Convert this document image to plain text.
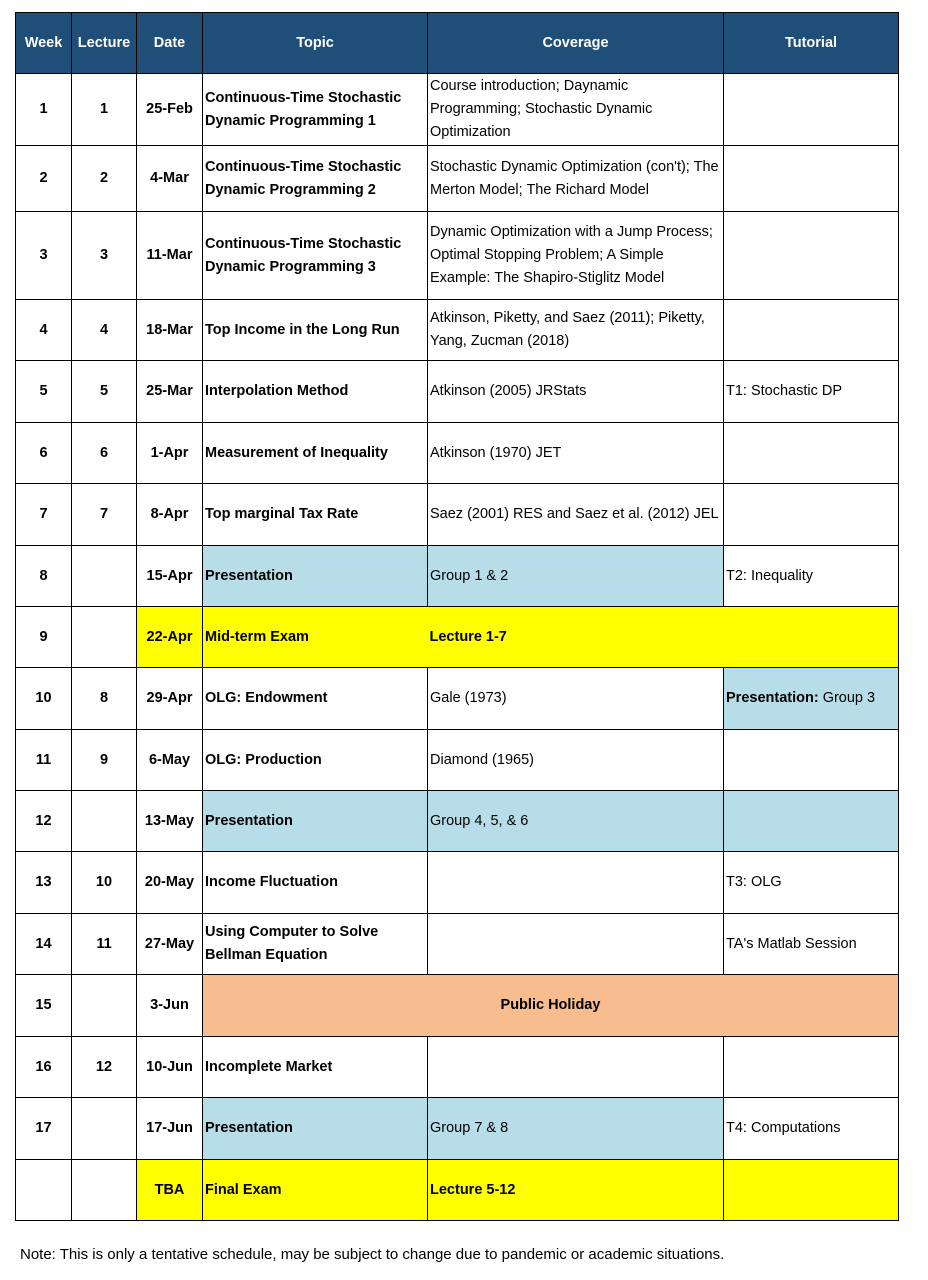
Week	Lecture	Date	Topic	Coverage	Tutorial
1	1	25-Feb	Continuous-Time Stochastic Dynamic Programming 1	Course introduction; Daynamic Programming; Stochastic Dynamic Optimization	
2	2	4-Mar	Continuous-Time Stochastic Dynamic Programming 2	Stochastic Dynamic Optimization (con't); The Merton Model; The Richard Model	
3	3	11-Mar	Continuous-Time Stochastic Dynamic Programming 3	Dynamic Optimization with a Jump Process; Optimal Stopping Problem; A Simple Example: The Shapiro-Stiglitz Model	
4	4	18-Mar	Top Income in the Long Run	Atkinson, Piketty, and Saez (2011); Piketty, Yang, Zucman (2018)	
5	5	25-Mar	Interpolation Method	Atkinson (2005) JRStats	T1: Stochastic DP
6	6	1-Apr	Measurement of Inequality	Atkinson (1970) JET	
7	7	8-Apr	Top marginal Tax Rate	Saez (2001) RES and Saez et al. (2012) JEL	
8		15-Apr	Presentation	Group 1 & 2	T2: Inequality
9		22-Apr	Mid-term Exam	Lecture 1-7	
10	8	29-Apr	OLG: Endowment	Gale (1973)	Presentation: Group 3
11	9	6-May	OLG: Production	Diamond (1965)	
12		13-May	Presentation	Group 4, 5, & 6	
13	10	20-May	Income Fluctuation		T3: OLG
14	11	27-May	Using Computer to Solve Bellman Equation		TA's Matlab Session
15		3-Jun	Public Holiday		
16	12	10-Jun	Incomplete Market		
17		17-Jun	Presentation	Group 7 & 8	T4: Computations
		TBA	Final Exam	Lecture 5-12	
Note: This is only a tentative schedule, may be subject to change due to pandemic or academic situations.
